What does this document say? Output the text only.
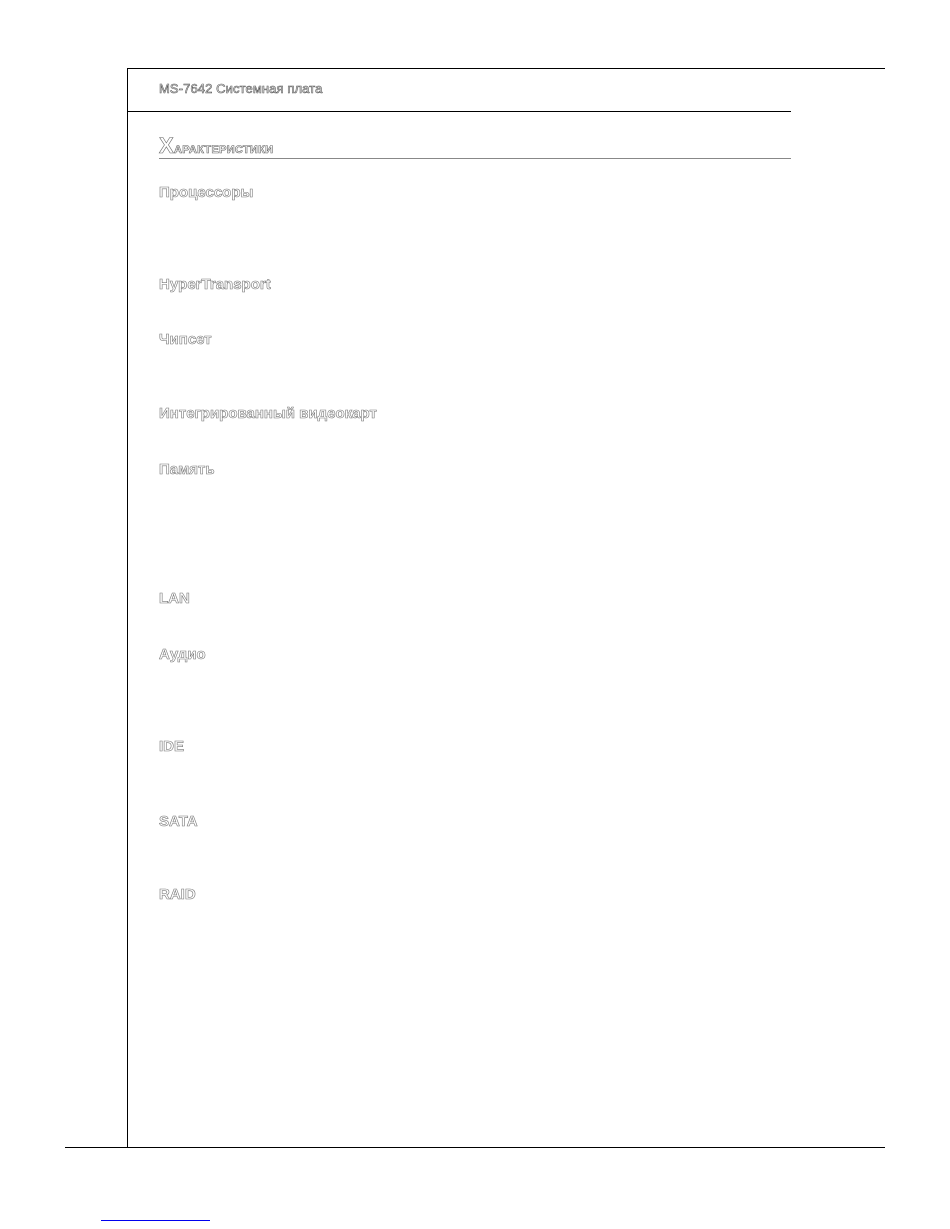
MS-7642 Системная плата
Характеристики
Процессоры
HyperTransport
Чипсет
Интегрированный видеокарт
Память
LAN
Аудио
IDE
SATA
RAID
